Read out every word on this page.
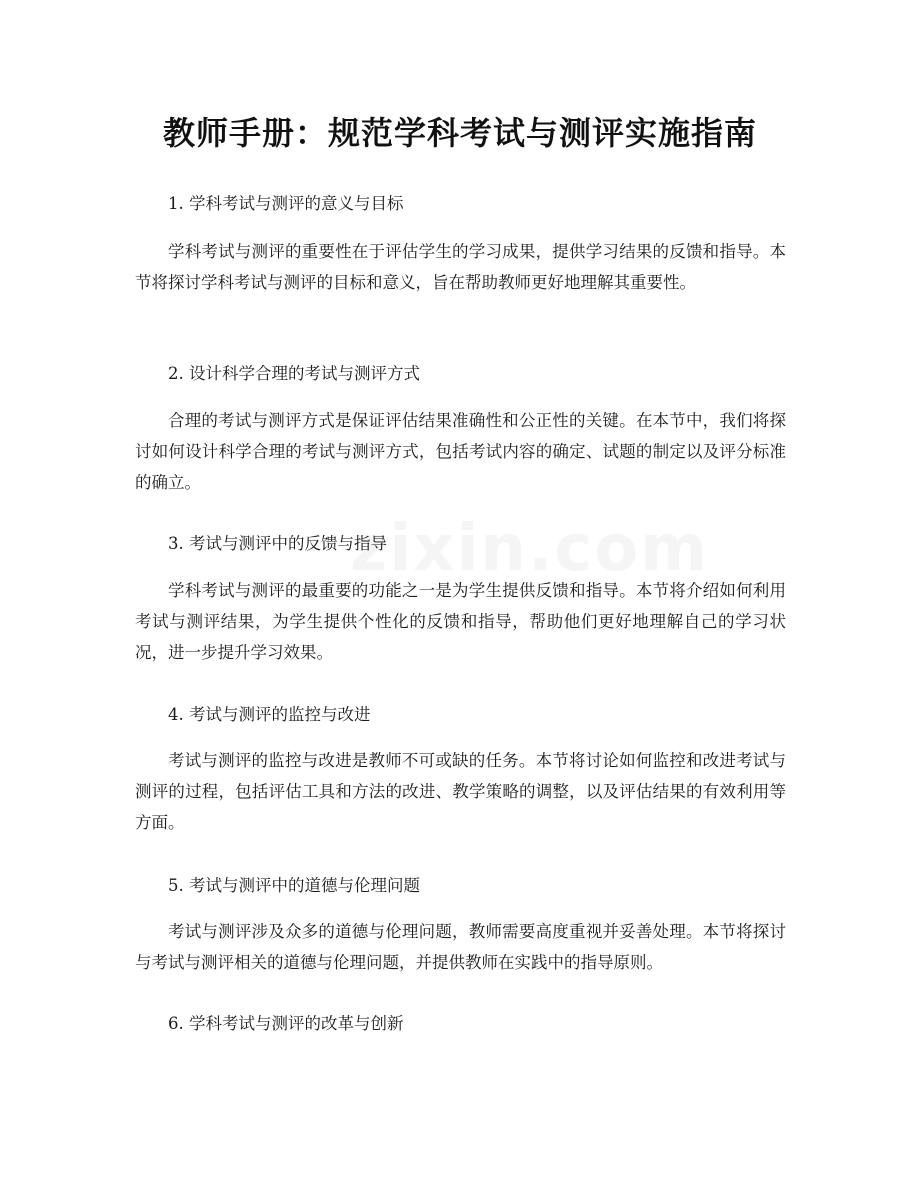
教师手册：规范学科考试与测评实施指南
zixin.com

1. 学科考试与测评的意义与目标

学科考试与测评的重要性在于评估学生的学习成果，提供学习结果的反馈和指导。本节将探讨学科考试与测评的目标和意义，旨在帮助教师更好地理解其重要性。

2. 设计科学合理的考试与测评方式

合理的考试与测评方式是保证评估结果准确性和公正性的关键。在本节中，我们将探讨如何设计科学合理的考试与测评方式，包括考试内容的确定、试题的制定以及评分标准的确立。

3. 考试与测评中的反馈与指导

学科考试与测评的最重要的功能之一是为学生提供反馈和指导。本节将介绍如何利用考试与测评结果，为学生提供个性化的反馈和指导，帮助他们更好地理解自己的学习状况，进一步提升学习效果。

4. 考试与测评的监控与改进

考试与测评的监控与改进是教师不可或缺的任务。本节将讨论如何监控和改进考试与测评的过程，包括评估工具和方法的改进、教学策略的调整，以及评估结果的有效利用等方面。

5. 考试与测评中的道德与伦理问题

考试与测评涉及众多的道德与伦理问题，教师需要高度重视并妥善处理。本节将探讨与考试与测评相关的道德与伦理问题，并提供教师在实践中的指导原则。

6. 学科考试与测评的改革与创新
